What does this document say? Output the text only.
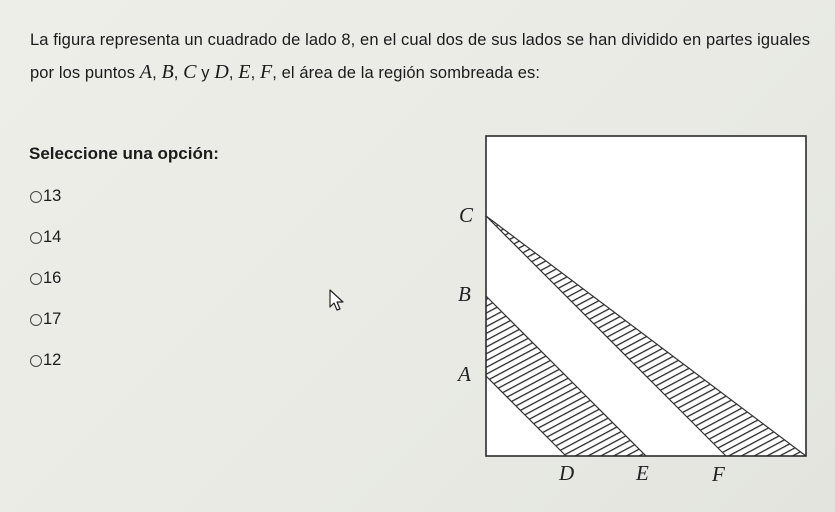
La figura representa un cuadrado de lado 8, en el cual dos de sus lados se han dividido en partes iguales por los puntos A, B, C y D, E, F, el área de la región sombreada es:
Seleccione una opción:
13
14
16
17
12
C
B
A
D	E	F
